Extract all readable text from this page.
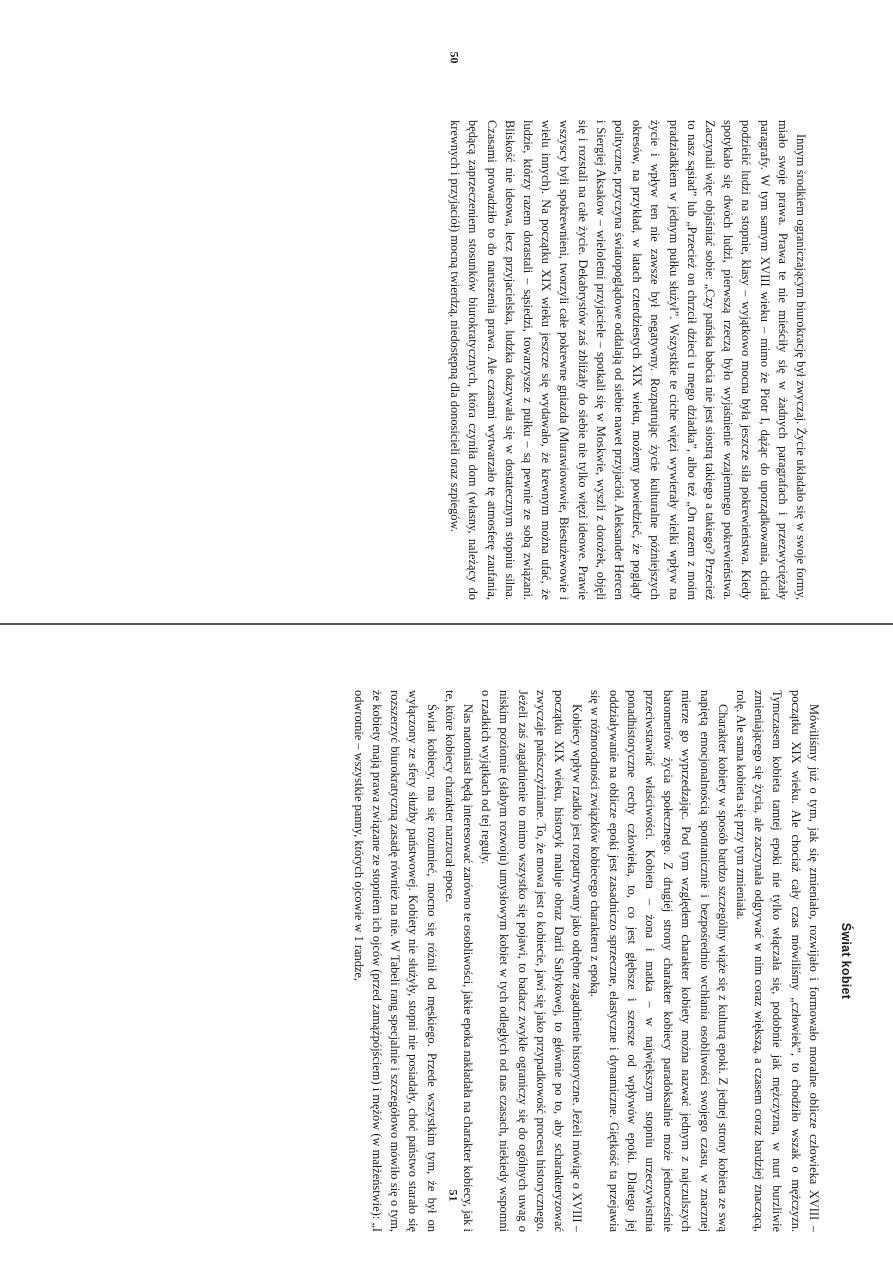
50
51

Innym środkiem ograniczającym biurokrację był zwyczaj. Życie układało się w swoje formy, miało swoje prawa. Prawa te nie mieściły się w żadnych paragrafach i przezwyciężały paragrafy. W tym samym XVIII wieku – mimo że Piotr I, dążąc do uporządkowania, chciał podzielić ludzi na stopnie, klasy – wyjątkowo mocna była jeszcze siła pokrewieństwa. Kiedy spotykało się dwóch ludzi, pierwszą rzeczą było wyjaśnienie wzajemnego pokrewieństwa. Zaczynali więc objaśniać sobie: „Czy pańska babcia nie jest siostrą takiego a takiego? Przecież to nasz sąsiad” lub „Przecież on chrzcił dzieci u mego dziadka”, albo też „On razem z moim pradziadkiem w jednym pułku służył”. Wszystkie te ciche więzi wywierały wielki wpływ na życie i wpływ ten nie zawsze był negatywny. Rozpatrując życie kulturalne późniejszych okresów, na przykład, w latach czterdziestych XIX wieku, możemy powiedzieć, że poglądy polityczne, przyczyna światopoglądowe oddalają od siebie nawet przyjaciół. Aleksander Hercen i Siergiej Aksakow – wieloletni przyjaciele – spotkali się w Moskwie, wyszli z dorożek, objęli się i rozstali na całe życie. Dekabrystów zaś zbliżały do siebie nie tylko więzi ideowe. Prawie wszyscy byli spokrewnieni, tworzyli całe pokrewne gniazda (Murawiowowie, Biestużewowie i wielu innych). Na początku XIX wieku jeszcze się wydawało, że krewnym można ufać, że ludzie, którzy razem dorastali – sąsiedzi, towarzysze z pułku – są pewnie ze sobą związani. Bliskość nie ideowa, lecz przyjacielska, ludzka okazywała się w dostatecznym stopniu silna. Czasami prowadziło to do naruszenia prawa. Ale czasami wytwarzało tę atmosferę zaufania, będącą zaprzeczeniem stosunków biurokratycznych, która czyniła dom (własny, należący do krewnych i przyjaciół) mocną twierdzą, niedostępną dla donosicieli oraz szpiegów.

Świat kobiet

Mówiliśmy już o tym, jak się zmieniało, rozwijało i formowało moralne oblicze człowieka XVIII – początku XIX wieku. Ale chociaż cały czas mówiliśmy „człowiek”, to chodziło wszak o mężczyzn. Tymczasem kobieta tamtej epoki nie tylko włączała się, podobnie jak mężczyzna, w nurt burzliwie zmieniającego się życia, ale zaczynała odgrywać w nim coraz większą, a czasem coraz bardziej znaczącą, rolę. Ale sama kobieta się przy tym zmieniała.

Charakter kobiety w sposób bardzo szczególny wiąże się z kulturą epoki. Z jednej strony kobieta ze swą napiętą emocjonalnością spontanicznie i bezpośrednio wchłania osobliwości swojego czasu, w znacznej mierze go wyprzedzając. Pod tym względem charakter kobiety można nazwać jednym z najczulszych barometrów życia społecznego. Z drugiej strony charakter kobiecy paradoksalnie może jednocześnie przeciwstawiać właściwości. Kobieta – żona i matka – w największym stopniu urzeczywistnia ponadhistoryczne cechy człowieka, to, co jest głębsze i szersze od wpływów epoki. Dlatego jej oddziaływanie na oblicze epoki jest zasadniczo sprzeczne, elastyczne i dynamiczne. Giętkość ta przejawia się w różnorodności związków kobiecego charakteru z epoką.

Kobiecy wpływ rzadko jest rozpatrywany jako odrębne zagadnienie historyczne. Jeżeli mówiąc o XVIII – początku XIX wieku, historyk maluje obraz Darii Sałtykowej, to głównie po to, aby scharakteryzować zwyczaje pańszczyźniane. To, że mowa jest o kobiecie, jawi się jako przypadkowość procesu historycznego. Jeżeli zaś zagadnienie to mimo wszystko się pojawi, to badacz zwykle ograniczy się do ogólnych uwag o niskim poziomie (słabym rozwoju) umysłowym kobiet w tych odległych od nas czasach, niekiedy wspomni o rzadkich wyjątkach od tej reguły.

Nas natomiast będą interesować zarówno te osobliwości, jakie epoka nakładała na charakter kobiecy, jak i te, które kobiecy charakter narzucał epoce.

Świat kobiecy, ma się rozumieć, mocno się różnił od męskiego. Przede wszystkim tym, że był on wyłączony ze sfery służby państwowej. Kobiety nie służyły, stopni nie posiadały, choć państwo starało się rozszerzyć biurokratyczną zasadę również na nie. W Tabeli rang specjalnie i szczegółowo mówiło się o tym, że kobiety mają prawa związane ze stopniem ich ojców (przed zamążpójściem) i mężów (w małżeństwie): „I odwrotnie – wszystkie panny, których ojcowie w 1 randze,
